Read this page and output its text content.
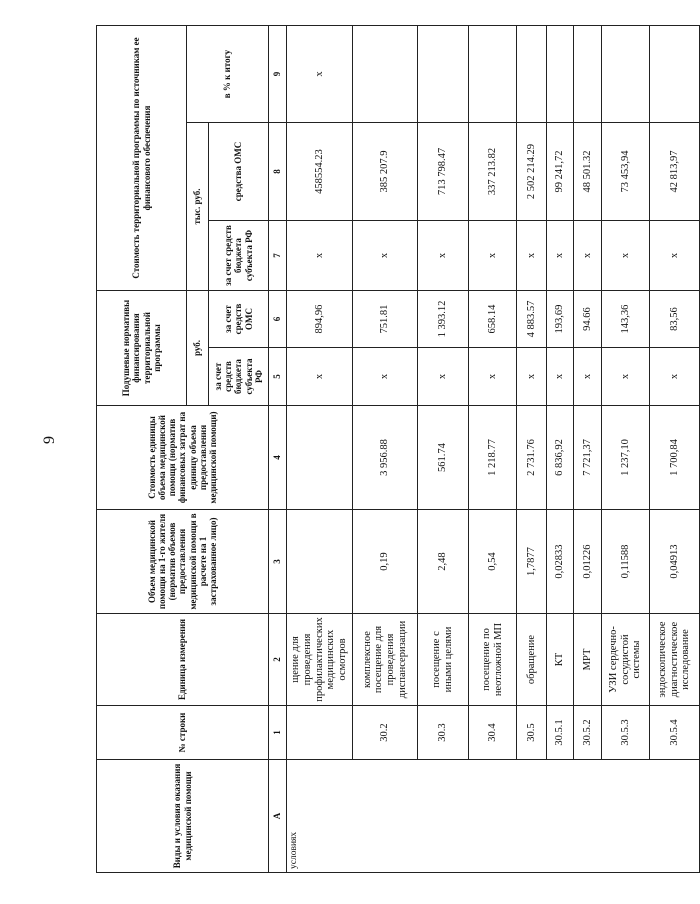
9
Виды и условия оказания медицинской помощи	№ строки	Единица измерения	Объем медицинской помощи на 1-го жителя (норматив объемов предоставления медицинской помощи в расчете на 1 застрахованное лицо)	Стоимость единицы объема медицинской помощи (норматив финансовых затрат на единицу объема предоставления медицинской помощи)	Подушевые нормативы финансирования территориальной программы		Стоимость территориальной программы по источникам ее финансового обеспечения		
					руб.		тыс. руб.		в % к итогу
					за счет средств бюджета субъекта РФ	за счет средств ОМС	за счет средств бюджета субъекта РФ	средства ОМС	
А	1	2	3	4	5	6	7	8	9
условиях		щение для проведения профилактических медицинских осмотров			х	894,96	х	458554.23	х
	30.2	комплексное посещение для проведения диспансеризации	0,19	3 956.88	х	751.81	х	385 207.9	
	30.3	посещение с иными целями	2,48	561.74	х	1 393.12	х	713 798.47	
	30.4	посещение по неотложной МП	0,54	1 218.77	х	658.14	х	337 213.82	
	30.5	обращение	1,7877	2 731.76	х	4 883.57	х	2 502 214.29	
	30.5.1	КТ	0,02833	6 836,92	х	193,69	х	99 241,72	
	30.5.2	МРТ	0,01226	7 721,37	х	94.66	х	48 501.32	
	30.5.3	УЗИ сердечно-сосудистой системы	0,11588	1 237,10	х	143,36	х	73 453,94	
	30.5.4	эндоскопическое диагностическое исследование	0,04913	1 700,84	х	83,56	х	42 813,97	
